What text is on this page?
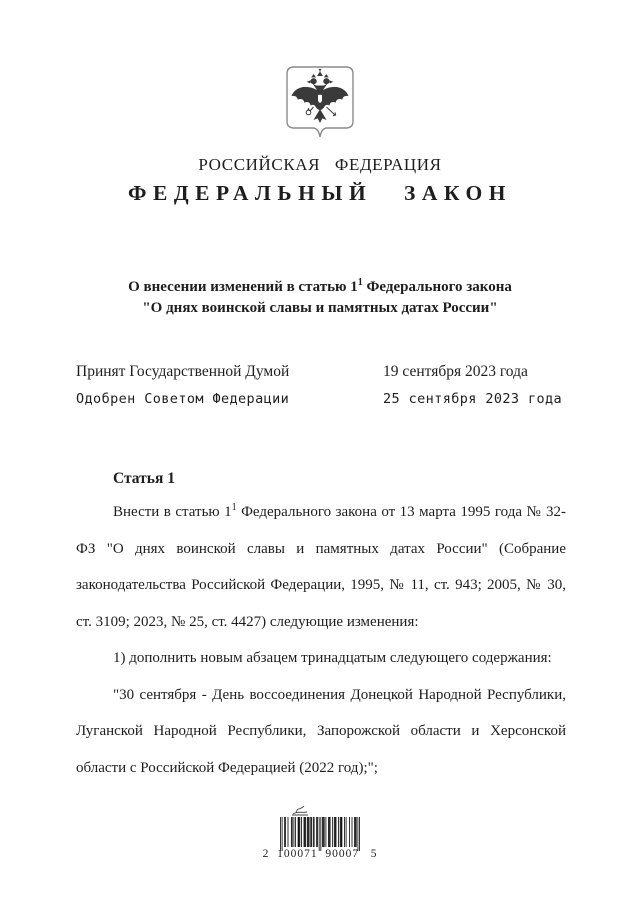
РОССИЙСКАЯ ФЕДЕРАЦИЯ
ФЕДЕРАЛЬНЫЙ ЗАКОН
О внесении изменений в статью $1^1$ Федерального закона
"О днях воинской славы и памятных датах России"
Принят Государственной Думой	19 сентября 2023 года
Одобрен Советом Федерации	25 сентября 2023 года
Статья 1

Внести в статью $1^1$ Федерального закона от 13 марта 1995 года № 32-ФЗ "О днях воинской славы и памятных датах России" (Собрание законодательства Российской Федерации, 1995, № 11, ст. 943; 2005, № 30, ст. 3109; 2023, № 25, ст. 4427) следующие изменения:

1) дополнить новым абзацем тринадцатым следующего содержания:

"30 сентября - День воссоединения Донецкой Народной Республики, Луганской Народной Республики, Запорожской области и Херсонской области с Российской Федерацией (2022 год);";

2  100071  90007   5
